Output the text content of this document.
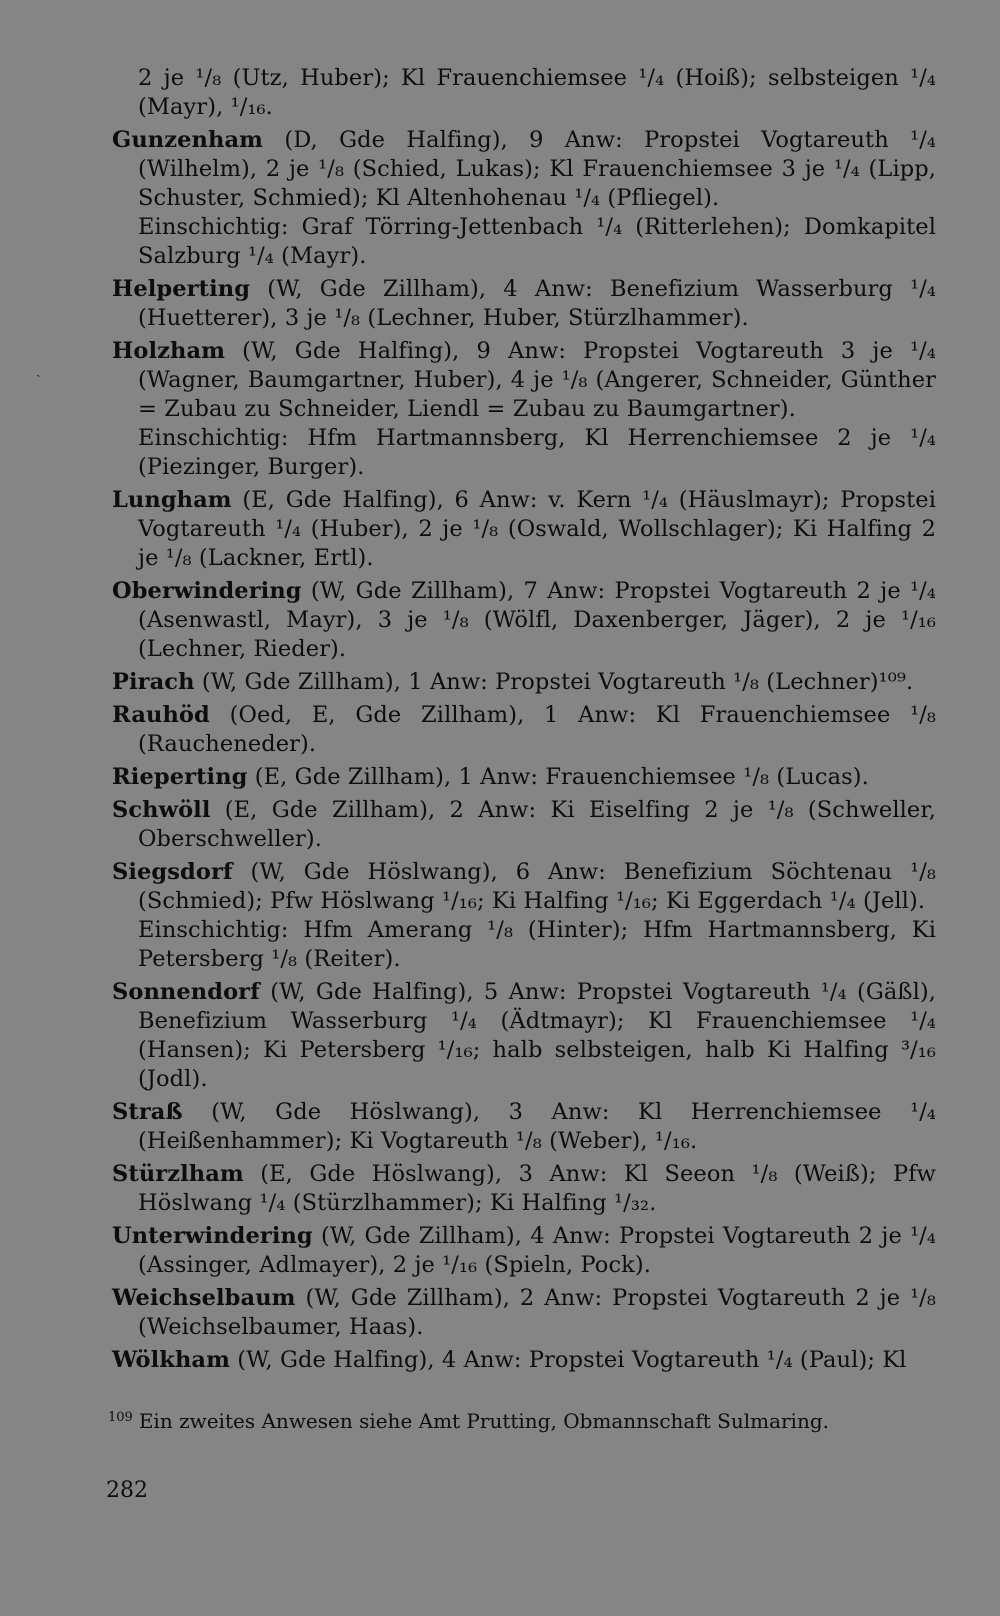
ˎ

2 je ¹/₈ (Utz, Huber); Kl Frauenchiemsee ¹/₄ (Hoiß); selbsteigen ¹/₄ (Mayr), ¹/₁₆.

Gunzenham (D, Gde Halfing), 9 Anw: Propstei Vogtareuth ¹/₄ (Wilhelm), 2 je ¹/₈ (Schied, Lukas); Kl Frauenchiemsee 3 je ¹/₄ (Lipp, Schuster, Schmied); Kl Altenhohenau ¹/₄ (Pfliegel).
Einschichtig: Graf Törring-Jettenbach ¹/₄ (Ritterlehen); Domkapitel Salzburg ¹/₄ (Mayr).

Helperting (W, Gde Zillham), 4 Anw: Benefizium Wasserburg ¹/₄ (Huetterer), 3 je ¹/₈ (Lechner, Huber, Stürzlhammer).

Holzham (W, Gde Halfing), 9 Anw: Propstei Vogtareuth 3 je ¹/₄ (Wagner, Baumgartner, Huber), 4 je ¹/₈ (Angerer, Schneider, Günther = Zubau zu Schneider, Liendl = Zubau zu Baumgartner).
Einschichtig: Hfm Hartmannsberg, Kl Herrenchiemsee 2 je ¹/₄ (Piezinger, Burger).

Lungham (E, Gde Halfing), 6 Anw: v. Kern ¹/₄ (Häuslmayr); Propstei Vogtareuth ¹/₄ (Huber), 2 je ¹/₈ (Oswald, Wollschlager); Ki Halfing 2 je ¹/₈ (Lackner, Ertl).

Oberwindering (W, Gde Zillham), 7 Anw: Propstei Vogtareuth 2 je ¹/₄ (Asenwastl, Mayr), 3 je ¹/₈ (Wölfl, Daxenberger, Jäger), 2 je ¹/₁₆ (Lechner, Rieder).

Pirach (W, Gde Zillham), 1 Anw: Propstei Vogtareuth ¹/₈ (Lechner)¹⁰⁹.

Rauhöd (Oed, E, Gde Zillham), 1 Anw: Kl Frauenchiemsee ¹/₈ (Raucheneder).

Rieperting (E, Gde Zillham), 1 Anw: Frauenchiemsee ¹/₈ (Lucas).

Schwöll (E, Gde Zillham), 2 Anw: Ki Eiselfing 2 je ¹/₈ (Schweller, Oberschweller).

Siegsdorf (W, Gde Höslwang), 6 Anw: Benefizium Söchtenau ¹/₈ (Schmied); Pfw Höslwang ¹/₁₆; Ki Halfing ¹/₁₆; Ki Eggerdach ¹/₄ (Jell).
Einschichtig: Hfm Amerang ¹/₈ (Hinter); Hfm Hartmannsberg, Ki Petersberg ¹/₈ (Reiter).

Sonnendorf (W, Gde Halfing), 5 Anw: Propstei Vogtareuth ¹/₄ (Gäßl), Benefizium Wasserburg ¹/₄ (Ädtmayr); Kl Frauenchiemsee ¹/₄ (Hansen); Ki Petersberg ¹/₁₆; halb selbsteigen, halb Ki Halfing ³/₁₆ (Jodl).

Straß (W, Gde Höslwang), 3 Anw: Kl Herrenchiemsee ¹/₄ (Heißenhammer); Ki Vogtareuth ¹/₈ (Weber), ¹/₁₆.

Stürzlham (E, Gde Höslwang), 3 Anw: Kl Seeon ¹/₈ (Weiß); Pfw Höslwang ¹/₄ (Stürzlhammer); Ki Halfing ¹/₃₂.

Unterwindering (W, Gde Zillham), 4 Anw: Propstei Vogtareuth 2 je ¹/₄ (Assinger, Adlmayer), 2 je ¹/₁₆ (Spieln, Pock).

Weichselbaum (W, Gde Zillham), 2 Anw: Propstei Vogtareuth 2 je ¹/₈ (Weichselbaumer, Haas).

Wölkham (W, Gde Halfing), 4 Anw: Propstei Vogtareuth ¹/₄ (Paul); Kl

$^{109}$ Ein zweites Anwesen siehe Amt Prutting, Obmannschaft Sulmaring.
282
